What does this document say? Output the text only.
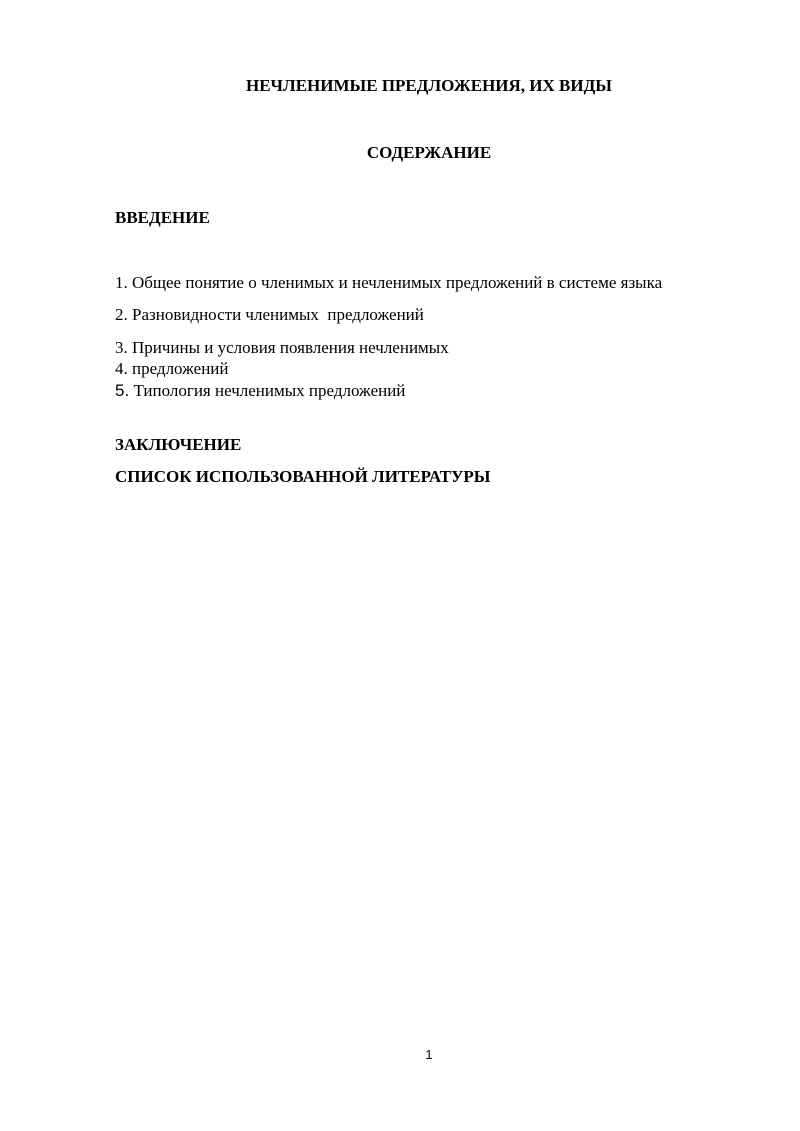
НЕЧЛЕНИМЫЕ ПРЕДЛОЖЕНИЯ, ИХ ВИДЫ
СОДЕРЖАНИЕ
ВВЕДЕНИЕ
1. Общее понятие о членимых и нечленимых предложений в системе языка
2. Разновидности членимых  предложений
3. Причины и условия появления нечленимых
4. предложений
5. Типология нечленимых предложений
ЗАКЛЮЧЕНИЕ
СПИСОК ИСПОЛЬЗОВАННОЙ ЛИТЕРАТУРЫ
1
